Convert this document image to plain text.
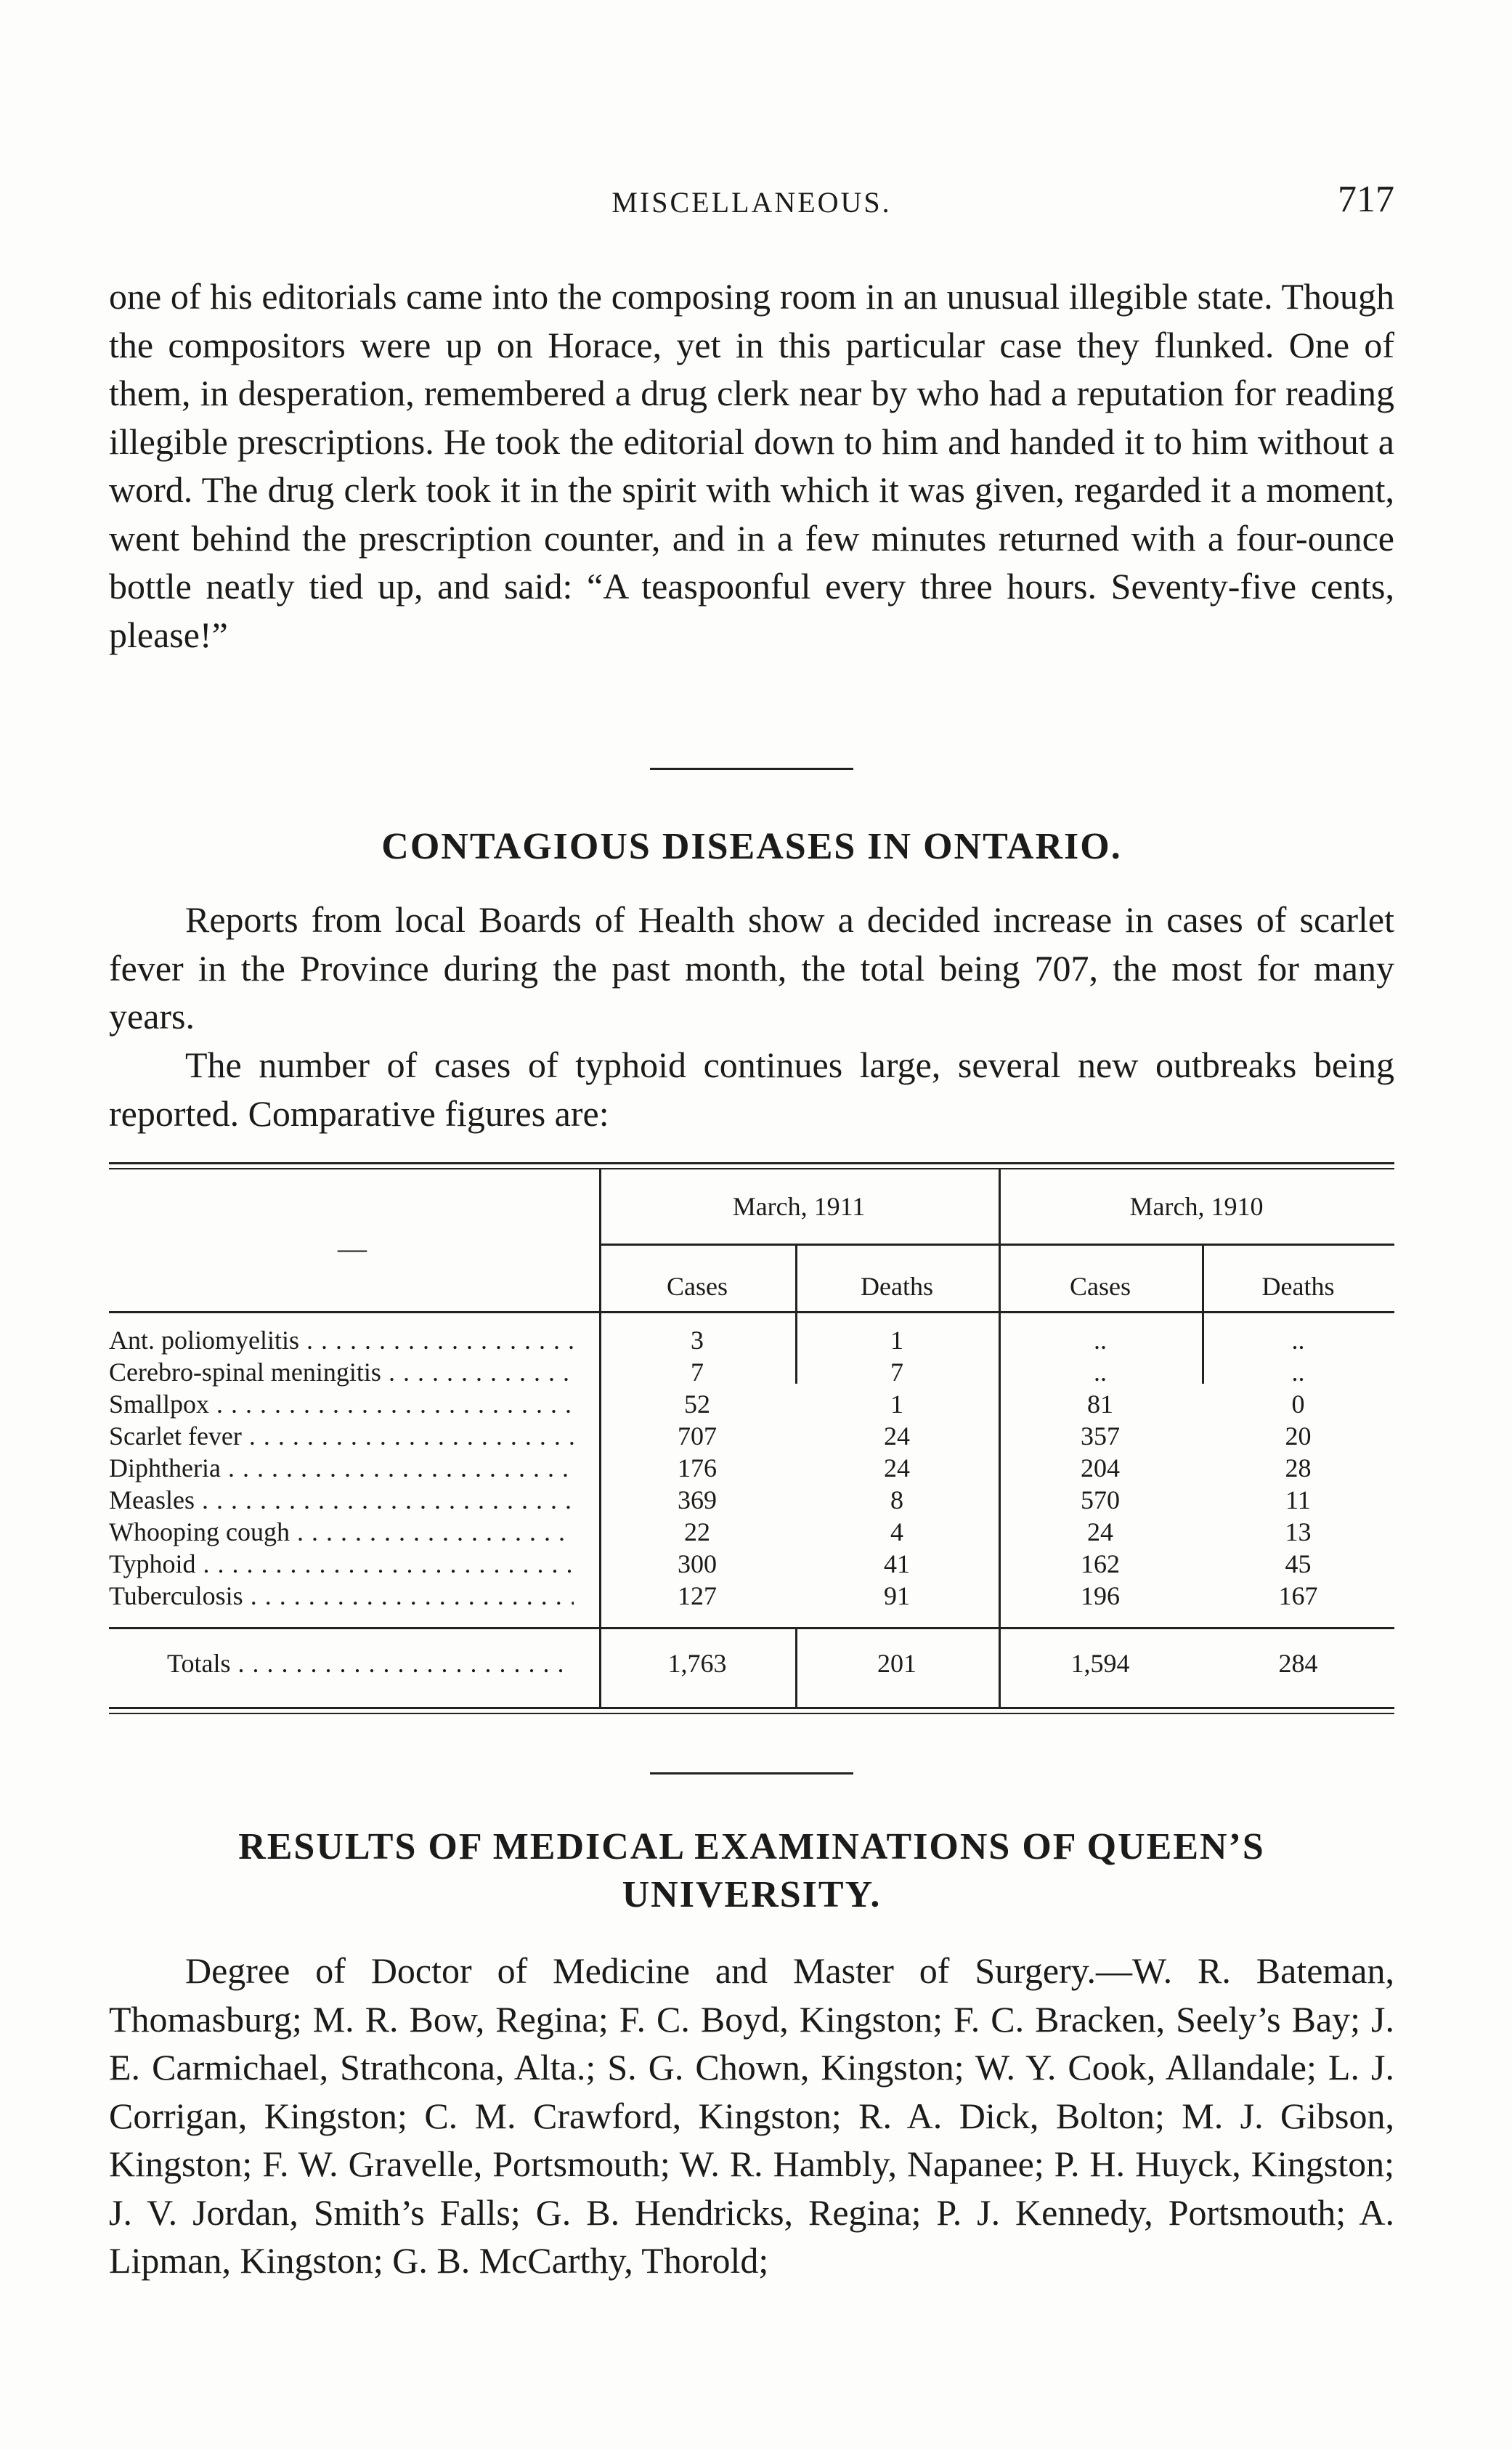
MISCELLANEOUS.	717

one of his editorials came into the composing room in an unusual illegible state. Though the compositors were up on Horace, yet in this particular case they flunked. One of them, in desperation, remembered a drug clerk near by who had a reputation for reading illegible prescriptions. He took the editorial down to him and handed it to him without a word. The drug clerk took it in the spirit with which it was given, regarded it a moment, went behind the prescription counter, and in a few minutes returned with a four-ounce bottle neatly tied up, and said: “A teaspoonful every three hours. Seventy-five cents, please!”

CONTAGIOUS DISEASES IN ONTARIO.

Reports from local Boards of Health show a decided increase in cases of scarlet fever in the Province during the past month, the total being 707, the most for many years.

The number of cases of typhoid continues large, several new outbreaks being reported. Comparative figures are:

March, 1911	March, 1910
—
Cases	Deaths	Cases	Deaths
Ant. poliomyelitis . . .	3	1	..	..
Cerebro-spinal meningitis . . .	7	7	..	..
Smallpox . . .	52	1	81	0
Scarlet fever . . .	707	24	357	20
Diphtheria . . .	176	24	204	28
Measles . . .	369	8	570	11
Whooping cough . . .	22	4	24	13
Typhoid . . .	300	41	162	45
Tuberculosis . . .	127	91	196	167
Totals . . .	1,763	201	1,594	284
RESULTS OF MEDICAL EXAMINATIONS OF QUEEN’S
UNIVERSITY.

Degree of Doctor of Medicine and Master of Surgery.—W. R. Bateman, Thomasburg; M. R. Bow, Regina; F. C. Boyd, Kingston; F. C. Bracken, Seely’s Bay; J. E. Carmichael, Strathcona, Alta.; S. G. Chown, Kingston; W. Y. Cook, Allandale; L. J. Corrigan, Kingston; C. M. Crawford, Kingston; R. A. Dick, Bolton; M. J. Gibson, Kingston; F. W. Gravelle, Portsmouth; W. R. Hambly, Napanee; P. H. Huyck, Kingston; J. V. Jordan, Smith’s Falls; G. B. Hendricks, Regina; P. J. Kennedy, Portsmouth; A. Lipman, Kingston; G. B. McCarthy, Thorold;
